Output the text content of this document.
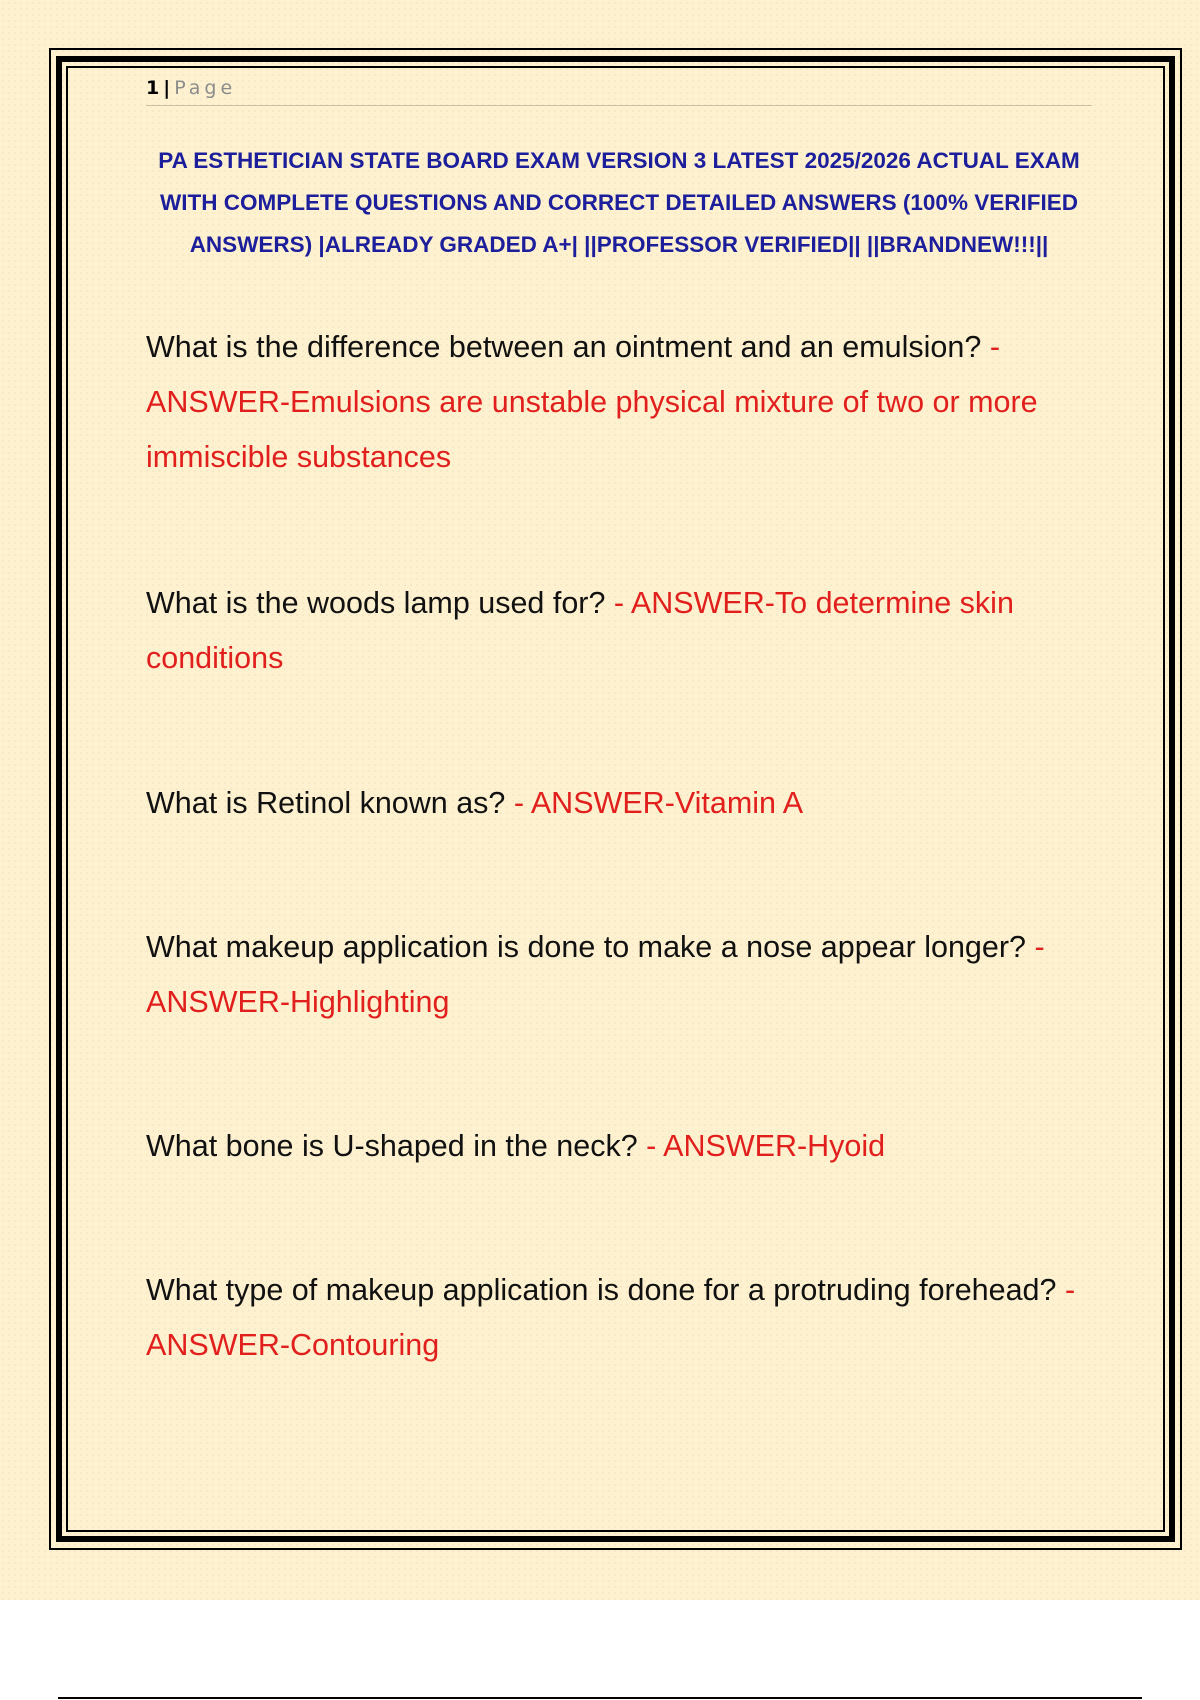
1 | Page
PA ESTHETICIAN STATE BOARD EXAM VERSION 3 LATEST 2025/2026 ACTUAL EXAM WITH COMPLETE QUESTIONS AND CORRECT DETAILED ANSWERS (100% VERIFIED ANSWERS) |ALREADY GRADED A+| ||PROFESSOR VERIFIED|| ||BRANDNEW!!!||
What is the difference between an ointment and an emulsion? -ANSWER-Emulsions are unstable physical mixture of two or more immiscible substances
What is the woods lamp used for? - ANSWER-To determine skin conditions
What is Retinol known as? - ANSWER-Vitamin A
What makeup application is done to make a nose appear longer? - ANSWER-Highlighting
What bone is U-shaped in the neck? - ANSWER-Hyoid
What type of makeup application is done for a protruding forehead? - ANSWER-Contouring
